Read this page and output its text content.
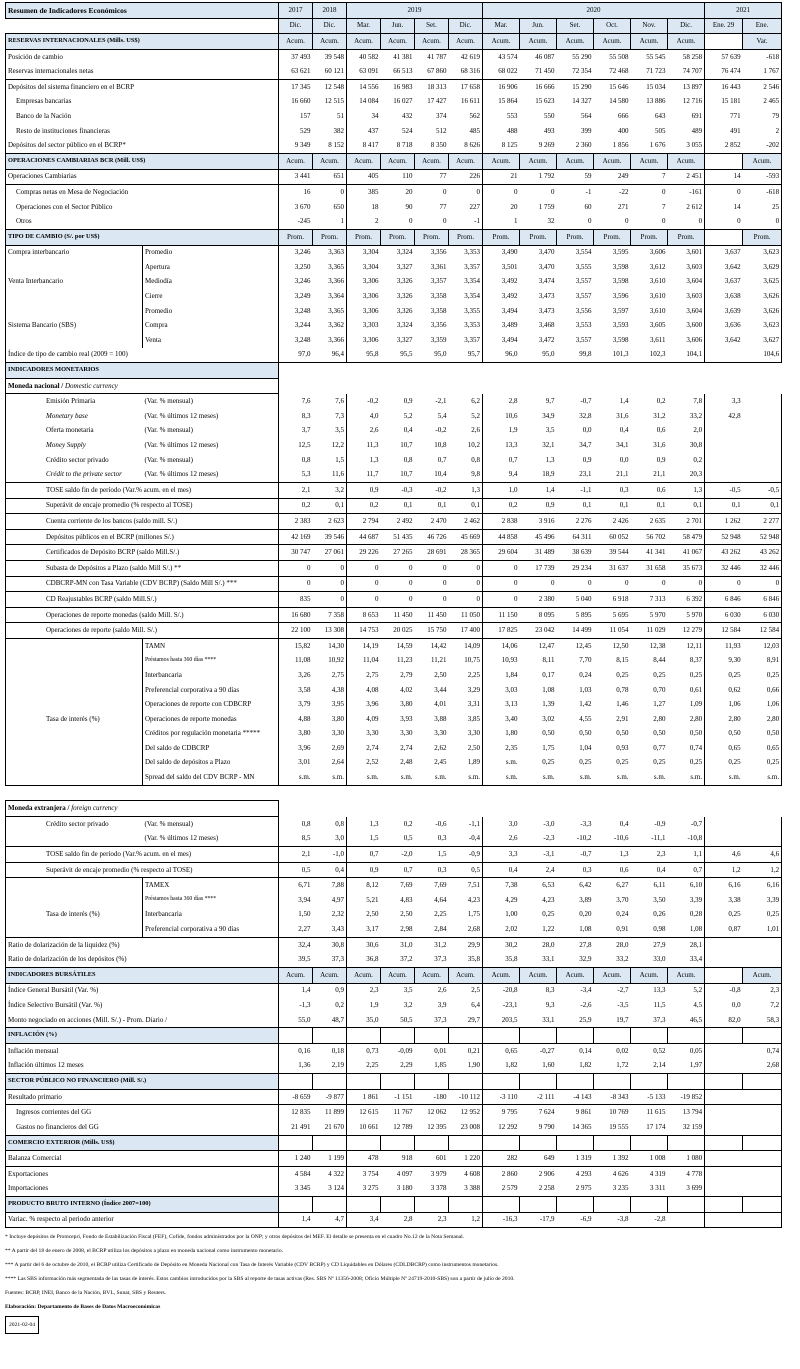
Resumen de Indicadores Económicos		2017	2018	2019				2020						2021	
		Dic.	Dic.	Mar.	Jun.	Set.	Dic.	Mar.	Jun.	Set.	Oct.	Nov.	Dic.	Ene. 29	Ene.
RESERVAS INTERNACIONALES (Mills. US$)		Acum.	Acum.	Acum.	Acum.	Acum.	Acum.	Acum.	Acum.	Acum.	Acum.	Acum.	Acum.		Var.
Posición de cambio		37 493	39 548	40 582	41 381	41 787	42 619	43 574	46 087	55 290	55 508	55 545	58 258	57 639	-618
Reservas internacionales netas		63 621	60 121	63 091	66 513	67 860	68 316	68 022	71 450	72 354	72 468	71 723	74 707	76 474	1 767
Depósitos del sistema financiero en el BCRP		17 345	12 548	14 556	16 983	18 313	17 658	16 906	16 666	15 290	15 646	15 034	13 897	16 443	2 546
Empresas bancarias		16 660	12 515	14 084	16 027	17 427	16 611	15 864	15 623	14 327	14 580	13 886	12 716	15 181	2 465
Banco de la Nación		157	51	34	432	374	562	553	550	564	666	643	691	771	79
Resto de instituciones financieras		529	382	437	524	512	485	488	493	399	400	505	489	491	2
Depósitos del sector público en el BCRP*		9 349	8 152	8 417	8 718	8 350	8 626	8 125	9 269	2 360	1 856	1 676	3 055	2 852	-202
OPERACIONES CAMBIARIAS BCR (Mill. US$)		Acum.	Acum.	Acum.	Acum.	Acum.	Acum.	Acum.	Acum.	Acum.	Acum.	Acum.	Acum.		Acum.
Operaciones Cambiarias		3 441	651	405	110	77	226	21	1 792	59	249	7	2 451	14	-593
Compras netas en Mesa de Negociación		16	0	385	20	0	0	0	0	-1	-22	0	-161	0	-618
Operaciones con el Sector Público		3 670	650	18	90	77	227	20	1 759	60	271	7	2 612	14	25
Otros		-245	1	2	0	0	-1	1	32	0	0	0	0	0	0
TIPO DE CAMBIO (S/. por US$)		Prom.	Prom.	Prom.	Prom.	Prom.	Prom.	Prom.	Prom.	Prom.	Prom.	Prom.	Prom.		Prom.
Compra interbancario	Promedio	3,246	3,363	3,304	3,324	3,356	3,353	3,490	3,470	3,554	3,595	3,606	3,601	3,637	3,623
	Apertura	3,250	3,365	3,304	3,327	3,361	3,357	3,501	3,470	3,555	3,598	3,612	3,603	3,642	3,629
Venta Interbancario	Mediodía	3,246	3,366	3,306	3,326	3,357	3,354	3,492	3,474	3,557	3,598	3,610	3,604	3,637	3,625
	Cierre	3,249	3,364	3,306	3,326	3,358	3,354	3,492	3,473	3,557	3,596	3,610	3,603	3,638	3,626
	Promedio	3,248	3,365	3,306	3,326	3,358	3,355	3,494	3,473	3,556	3,597	3,610	3,604	3,639	3,626
Sistema Bancario (SBS)	Compra	3,244	3,362	3,303	3,324	3,356	3,353	3,489	3,468	3,553	3,593	3,605	3,600	3,636	3,623
	Venta	3,248	3,366	3,306	3,327	3,359	3,357	3,494	3,472	3,557	3,598	3,611	3,606	3,642	3,627
Índice de tipo de cambio real (2009 = 100)		97,0	96,4	95,8	95,5	95,0	95,7	96,0	95,0	99,8	101,3	102,3	104,1		104,6
INDICADORES MONETARIOS															
Moneda nacional / Domestic currency															
Emisión Primaria	(Var. % mensual)	7,6	7,6	-0,2	0,9	-2,1	6,2	2,8	9,7	-0,7	1,4	0,2	7,8	3,3	
Monetary base	(Var. % últimos 12 meses)	8,3	7,3	4,0	5,2	5,4	5,2	10,6	34,9	32,8	31,6	31,2	33,2	42,8	
Oferta monetaria	(Var. % mensual)	3,7	3,5	2,6	0,4	-0,2	2,6	1,9	3,5	0,0	0,4	0,6	2,0		
Money Supply	(Var. % últimos 12 meses)	12,5	12,2	11,3	10,7	10,8	10,2	13,3	32,1	34,7	34,1	31,6	30,8		
Crédito sector privado	(Var. % mensual)	0,8	1,5	1,3	0,8	0,7	0,8	0,7	1,3	0,9	0,0	0,9	0,2		
Crédit to the private sector	(Var. % últimos 12 meses)	5,3	11,6	11,7	10,7	10,4	9,8	9,4	18,9	23,1	21,1	21,1	20,3		
TOSE saldo fin de período (Var.% acum. en el mes)		2,1	3,2	0,9	-0,3	-0,2	1,3	1,0	1,4	-1,1	0,3	0,6	1,3	-0,5	-0,5
Superávit de encaje promedio (% respecto al TOSE)		0,2	0,1	0,2	0,1	0,1	0,1	0,2	0,9	0,1	0,1	0,1	0,1	0,1	0,1
Cuenta corriente de los bancos (saldo mill. S/.)		2 383	2 623	2 794	2 492	2 470	2 462	2 838	3 916	2 276	2 426	2 635	2 701	1 262	2 277
Depósitos públicos en el BCRP (millones S/.)		42 169	39 546	44 687	51 435	46 726	45 669	44 858	45 496	64 311	60 052	56 702	58 479	52 948	52 948
Certificados de Depósito BCRP (saldo Mill.S/.)		30 747	27 061	29 226	27 265	28 691	28 365	29 604	31 489	38 639	39 544	41 341	41 067	43 262	43 262
Subasta de Depósitos a Plazo (saldo Mill S/.) **		0	0	0	0	0	0	0	17 739	29 234	31 637	31 658	35 673	32 446	32 446
CDBCRP-MN con Tasa Variable (CDV BCRP) (Saldo Mill S/.) ***		0	0	0	0	0	0	0	0	0	0	0	0	0	0
CD Reajustables BCRP (saldo Mill.S/.)		835	0	0	0	0	0	0	2 380	5 040	6 918	7 313	6 392	6 846	6 846
Operaciones de reporte monedas (saldo Mill. S/.)		16 680	7 358	8 653	11 450	11 450	11 050	11 150	8 095	5 895	5 695	5 970	5 970	6 030	6 030
Operaciones de reporte (saldo Mill. S/.)		22 100	13 308	14 753	20 025	15 750	17 400	17 825	23 042	14 499	11 054	11 029	12 279	12 584	12 584
	TAMN	15,82	14,30	14,19	14,59	14,42	14,09	14,06	12,47	12,45	12,50	12,38	12,11	11,93	12,03
	Préstamos hasta 360 días ****	11,08	10,92	11,04	11,23	11,21	10,75	10,93	8,11	7,70	8,15	8,44	8,37	9,30	8,91
	Interbancaria	3,26	2,75	2,75	2,79	2,50	2,25	1,84	0,17	0,24	0,25	0,25	0,25	0,25	0,25
	Preferencial corporativa a 90 días	3,58	4,38	4,08	4,02	3,44	3,29	3,03	1,08	1,03	0,78	0,70	0,61	0,62	0,66
	Operaciones de reporte con CDBCRP	3,79	3,95	3,96	3,80	4,01	3,31	3,13	1,39	1,42	1,46	1,27	1,09	1,06	1,06
Tasa de interés (%)	Operaciones de reporte monedas	4,88	3,80	4,09	3,93	3,88	3,85	3,40	3,02	4,55	2,91	2,80	2,80	2,80	2,80
	Créditos por regulación monetaria *****	3,80	3,30	3,30	3,30	3,30	3,30	1,80	0,50	0,50	0,50	0,50	0,50	0,50	0,50
	Del saldo de CDBCRP	3,96	2,69	2,74	2,74	2,62	2,50	2,35	1,75	1,04	0,93	0,77	0,74	0,65	0,65
	Del saldo de depósitos a Plazo	3,01	2,64	2,52	2,48	2,45	1,89	s.m.	0,25	0,25	0,25	0,25	0,25	0,25	0,25
	Spread del saldo del CDV BCRP - MN	s.m.	s.m.	s.m.	s.m.	s.m.	s.m.	s.m.	s.m.	s.m.	s.m.	s.m.	s.m.	s.m.	s.m.

Moneda extranjera / foreign currency															
Crédito sector privado	(Var. % mensual)	0,8	0,8	1,3	0,2	-0,6	-1,1	3,0	-3,0	-3,3	0,4	-0,9	-0,7		
	(Var. % últimos 12 meses)	8,5	3,0	1,5	0,5	0,3	-0,4	2,6	-2,3	-10,2	-10,6	-11,1	-10,8		
TOSE saldo fin de período (Var.% acum. en el mes)		2,1	-1,0	0,7	-2,0	1,5	-0,9	3,3	-3,1	-0,7	1,3	2,3	1,1	4,6	4,6
Superávit de encaje promedio (% respecto al TOSE)		0,5	0,4	0,9	0,7	0,3	0,5	0,4	2,4	0,3	0,6	0,4	0,7	1,2	1,2
	TAMEX	6,71	7,88	8,12	7,69	7,69	7,51	7,38	6,53	6,42	6,27	6,11	6,10	6,16	6,16
	Préstamos hasta 360 días ****	3,94	4,97	5,21	4,83	4,64	4,23	4,29	4,23	3,89	3,70	3,50	3,39	3,38	3,39
Tasa de interés (%)	Interbancaria	1,50	2,32	2,50	2,50	2,25	1,75	1,00	0,25	0,20	0,24	0,26	0,28	0,25	0,25
	Preferencial corporativa a 90 días	2,27	3,43	3,17	2,98	2,84	2,68	2,02	1,22	1,08	0,91	0,98	1,08	0,87	1,01
Ratio de dolarización de la liquidez (%)		32,4	30,8	30,6	31,0	31,2	29,9	30,2	28,0	27,8	28,0	27,9	28,1		
Ratio de dolarización de los depósitos (%)		39,5	37,3	36,8	37,2	37,3	35,8	35,8	33,1	32,9	33,2	33,0	33,4		
INDICADORES BURSÁTILES		Acum.	Acum.	Acum.	Acum.	Acum.	Acum.	Acum.	Acum.	Acum.	Acum.	Acum.	Acum.		Acum.
Índice General Bursátil (Var. %)		1,4	0,9	2,3	3,5	2,6	2,5	-20,8	8,3	-3,4	-2,7	13,3	5,2	-0,8	2,3
Índice Selectivo Bursátil (Var. %)		-1,3	0,2	1,9	3,2	3,9	6,4	-23,1	9,3	-2,6	-3,5	11,5	4,5	0,0	7,2
Monto negociado en acciones (Mill. S/.) - Prom. Diario /		55,0	48,7	35,0	50,5	37,3	29,7	203,5	33,1	25,9	19,7	37,3	46,5	82,0	58,3
INFLACIÓN (%)															
Inflación mensual		0,16	0,18	0,73	-0,09	0,01	0,21	0,65	-0,27	0,14	0,02	0,52	0,05		0,74
Inflación últimos 12 meses		1,36	2,19	2,25	2,29	1,85	1,90	1,82	1,60	1,82	1,72	2,14	1,97		2,68
SECTOR PÚBLICO NO FINANCIERO (Mill. S/.)															
Resultado primario		-8 659	-9 877	1 861	-1 151	-180	-10 112	-3 110	-2 111	-4 143	-8 343	-5 133	-19 852		
Ingresos corrientes del GG		12 835	11 899	12 615	11 767	12 062	12 952	9 795	7 624	9 861	10 769	11 615	13 794		
Gastos no financieros del GG		21 491	21 670	10 661	12 789	12 395	23 008	12 292	9 790	14 365	19 555	17 174	32 159		
COMERCIO EXTERIOR (Mills. US$)															
Balanza Comercial		1 240	1 199	478	918	601	1 220	282	649	1 319	1 392	1 008	1 080		
Exportaciones		4 584	4 322	3 754	4 097	3 979	4 608	2 860	2 906	4 293	4 626	4 319	4 778		
Importaciones		3 345	3 124	3 275	3 180	3 378	3 388	2 579	2 258	2 975	3 235	3 311	3 699		
PRODUCTO BRUTO INTERNO (Índice 2007=100)															
Variac. % respecto al periodo anterior		1,4	4,7	3,4	2,8	2,3	1,2	-16,3	-17,9	-6,9	-3,8	-2,8			
* Incluye depósitos de Promcepri, Fondo de Estabilización Fiscal (FEF), Cofide, fondos administrados por la ONP; y otros depósitos del MEF. El detalle se presenta en el cuadro No.12 de la Nota Semanal.
** A partir del 18 de enero de 2008, el BCRP utiliza los depósitos a plazo en moneda nacional como instrumento monetario.
*** A partir del 6 de octubre de 2010, el BCRP utiliza Certificado de Depósito en Moneda Nacional con Tasa de Interés Variable (CDV BCRP) y CD Liquidables en Dólares (CDLDBCRP) como instrumentos monetarios.
**** Las SBS información más segmentada de las tasas de interés. Estos cambios introducidos por la SBS al reporte de tasas activas (Res. SBS Nº 11356-2008; Oficio Múltiple Nº 24719-2010-SBS) son a partir de julio de 2010.
Fuentes: BCRP, INEI, Banco de la Nación, BVL, Sunat, SBS y Reuters.
Elaboración: Departamento de Bases de Datos Macroeconómicas
2021-02-04
